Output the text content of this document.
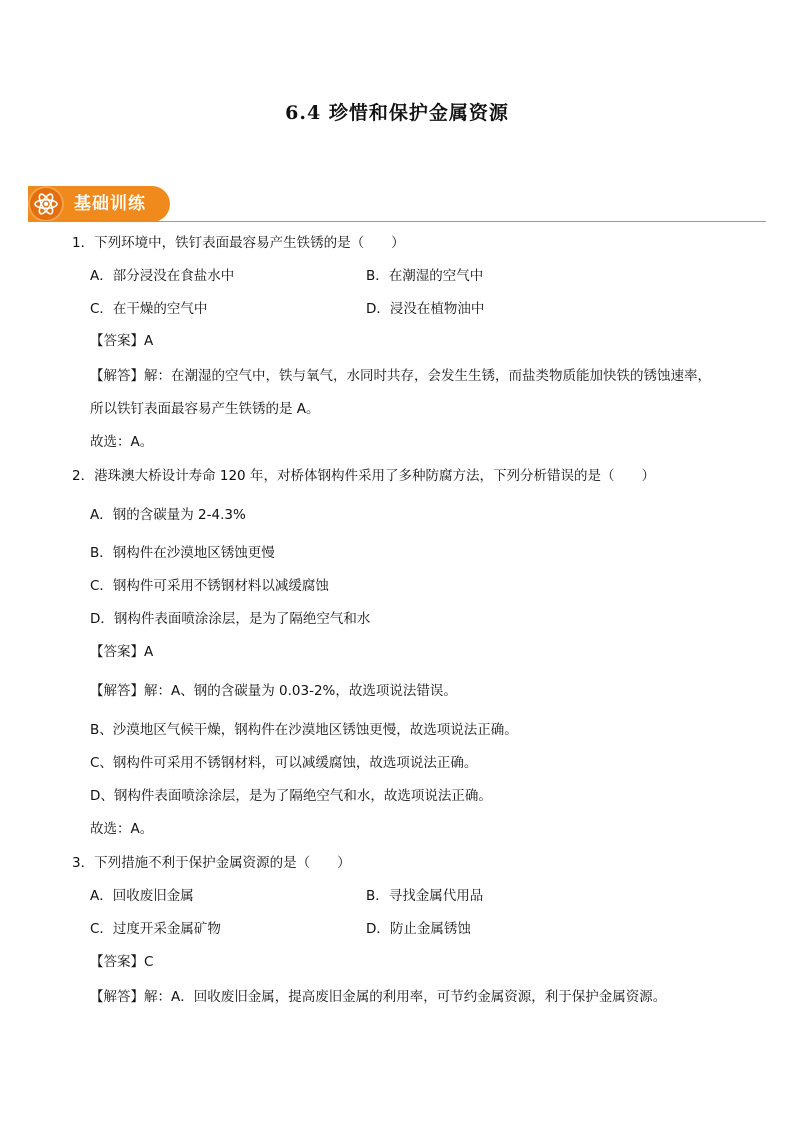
6.4 珍惜和保护金属资源
基础训练
1．下列环境中，铁钉表面最容易产生铁锈的是（　　）
A．部分浸没在食盐水中	B．在潮湿的空气中
C．在干燥的空气中	D．浸没在植物油中
【答案】A
【解答】解：在潮湿的空气中，铁与氧气，水同时共存，会发生生锈，而盐类物质能加快铁的锈蚀速率，
所以铁钉表面最容易产生铁锈的是 A。
故选：A。
2．港珠澳大桥设计寿命 120 年，对桥体钢构件采用了多种防腐方法，下列分析错误的是（　　）
A．钢的含碳量为 2-4.3%
B．钢构件在沙漠地区锈蚀更慢
C．钢构件可采用不锈钢材料以减缓腐蚀
D．钢构件表面喷涂涂层，是为了隔绝空气和水
【答案】A
【解答】解：A、钢的含碳量为 0.03-2%，故选项说法错误。
B、沙漠地区气候干燥，钢构件在沙漠地区锈蚀更慢，故选项说法正确。
C、钢构件可采用不锈钢材料，可以减缓腐蚀，故选项说法正确。
D、钢构件表面喷涂涂层，是为了隔绝空气和水，故选项说法正确。
故选：A。
3．下列措施不利于保护金属资源的是（　　）
A．回收废旧金属	B．寻找金属代用品
C．过度开采金属矿物	D．防止金属锈蚀
【答案】C
【解答】解：A．回收废旧金属，提高废旧金属的利用率，可节约金属资源，利于保护金属资源。
